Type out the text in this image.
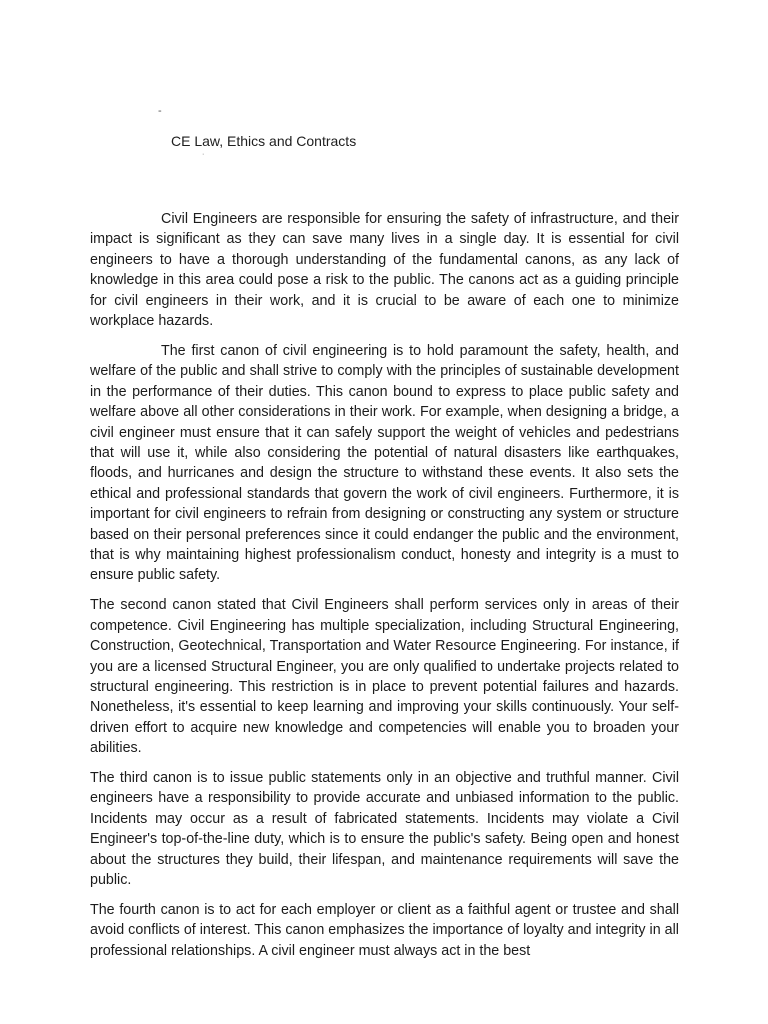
-
CE Law, Ethics and Contracts
·

Civil Engineers are responsible for ensuring the safety of infrastructure, and their impact is significant as they can save many lives in a single day. It is essential for civil engineers to have a thorough understanding of the fundamental canons, as any lack of knowledge in this area could pose a risk to the public. The canons act as a guiding principle for civil engineers in their work, and it is crucial to be aware of each one to minimize workplace hazards.

The first canon of civil engineering is to hold paramount the safety, health, and welfare of the public and shall strive to comply with the principles of sustainable development in the performance of their duties. This canon bound to express to place public safety and welfare above all other considerations in their work. For example, when designing a bridge, a civil engineer must ensure that it can safely support the weight of vehicles and pedestrians that will use it, while also considering the potential of natural disasters like earthquakes, floods, and hurricanes and design the structure to withstand these events. It also sets the ethical and professional standards that govern the work of civil engineers. Furthermore, it is important for civil engineers to refrain from designing or constructing any system or structure based on their personal preferences since it could endanger the public and the environment, that is why maintaining highest professionalism conduct, honesty and integrity is a must to ensure public safety.

The second canon stated that Civil Engineers shall perform services only in areas of their competence. Civil Engineering has multiple specialization, including Structural Engineering, Construction, Geotechnical, Transportation and Water Resource Engineering. For instance, if you are a licensed Structural Engineer, you are only qualified to undertake projects related to structural engineering. This restriction is in place to prevent potential failures and hazards. Nonetheless, it's essential to keep learning and improving your skills continuously. Your self-driven effort to acquire new knowledge and competencies will enable you to broaden your abilities.

The third canon is to issue public statements only in an objective and truthful manner. Civil engineers have a responsibility to provide accurate and unbiased information to the public. Incidents may occur as a result of fabricated statements. Incidents may violate a Civil Engineer's top-of-the-line duty, which is to ensure the public's safety. Being open and honest about the structures they build, their lifespan, and maintenance requirements will save the public.

The fourth canon is to act for each employer or client as a faithful agent or trustee and shall avoid conflicts of interest. This canon emphasizes the importance of loyalty and integrity in all professional relationships. A civil engineer must always act in the best
